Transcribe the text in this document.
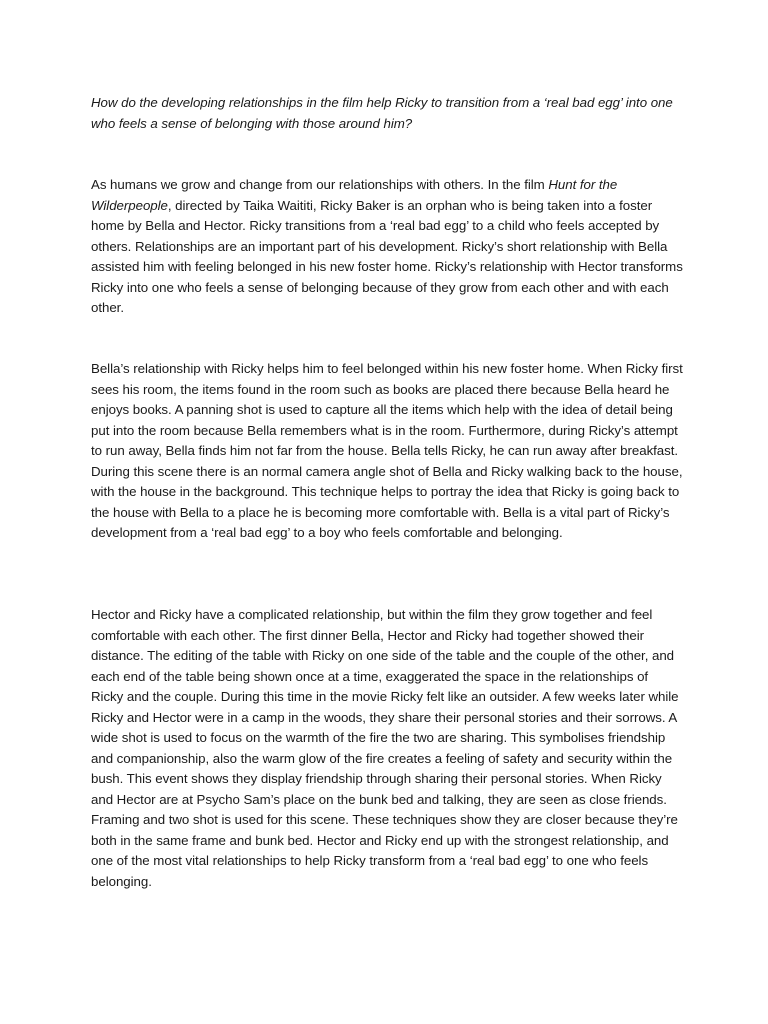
How do the developing relationships in the film help Ricky to transition from a ‘real bad egg’ into one who feels a sense of belonging with those around him?

As humans we grow and change from our relationships with others. In the film Hunt for the Wilderpeople, directed by Taika Waititi, Ricky Baker is an orphan who is being taken into a foster home by Bella and Hector. Ricky transitions from a ‘real bad egg’ to a child who feels accepted by others. Relationships are an important part of his development. Ricky’s short relationship with Bella assisted him with feeling belonged in his new foster home. Ricky’s relationship with Hector transforms Ricky into one who feels a sense of belonging because of they grow from each other and with each other.

Bella’s relationship with Ricky helps him to feel belonged within his new foster home. When Ricky first sees his room, the items found in the room such as books are placed there because Bella heard he enjoys books. A panning shot is used to capture all the items which help with the idea of detail being put into the room because Bella remembers what is in the room. Furthermore, during Ricky’s attempt to run away, Bella finds him not far from the house. Bella tells Ricky, he can run away after breakfast. During this scene there is an normal camera angle shot of Bella and Ricky walking back to the house, with the house in the background. This technique helps to portray the idea that Ricky is going back to the house with Bella to a place he is becoming more comfortable with. Bella is a vital part of Ricky’s development from a ‘real bad egg’ to a boy who feels comfortable and belonging.

Hector and Ricky have a complicated relationship, but within the film they grow together and feel comfortable with each other. The first dinner Bella, Hector and Ricky had together showed their distance. The editing of the table with Ricky on one side of the table and the couple of the other, and each end of the table being shown once at a time, exaggerated the space in the relationships of Ricky and the couple. During this time in the movie Ricky felt like an outsider. A few weeks later while Ricky and Hector were in a camp in the woods, they share their personal stories and their sorrows. A wide shot is used to focus on the warmth of the fire the two are sharing. This symbolises friendship and companionship, also the warm glow of the fire creates a feeling of safety and security within the bush. This event shows they display friendship through sharing their personal stories. When Ricky and Hector are at Psycho Sam’s place on the bunk bed and talking, they are seen as close friends. Framing and two shot is used for this scene. These techniques show they are closer because they’re both in the same frame and bunk bed. Hector and Ricky end up with the strongest relationship, and one of the most vital relationships to help Ricky transform from a ‘real bad egg’ to one who feels belonging.
